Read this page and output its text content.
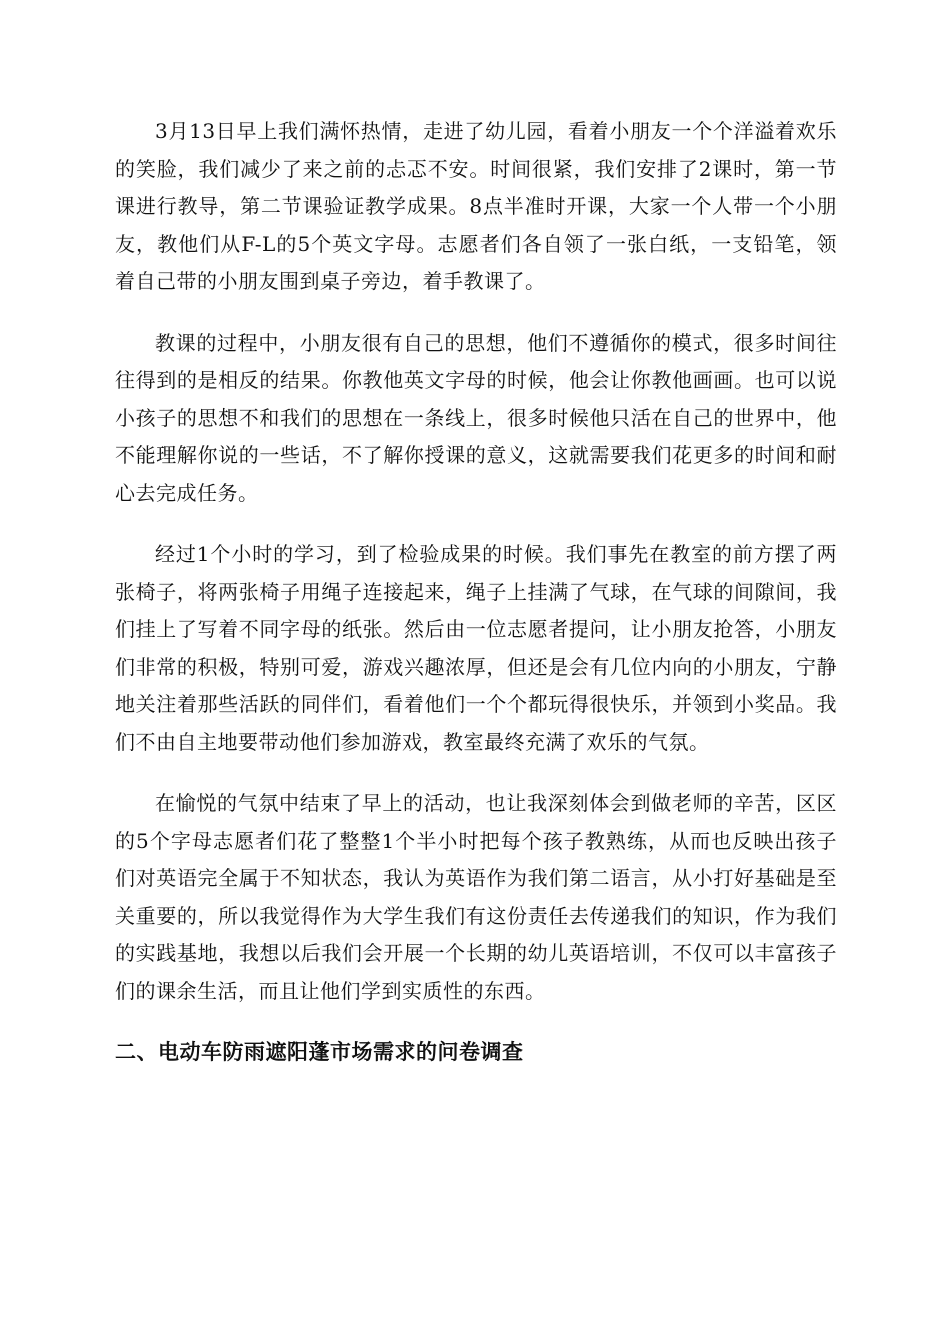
3月13日早上我们满怀热情，走进了幼儿园，看着小朋友一个个洋溢着欢乐的笑脸，我们减少了来之前的忐忑不安。时间很紧，我们安排了2课时，第一节课进行教导，第二节课验证教学成果。8点半准时开课，大家一个人带一个小朋友，教他们从F-L的5个英文字母。志愿者们各自领了一张白纸，一支铅笔，领着自己带的小朋友围到桌子旁边，着手教课了。

教课的过程中，小朋友很有自己的思想，他们不遵循你的模式，很多时间往往得到的是相反的结果。你教他英文字母的时候，他会让你教他画画。也可以说小孩子的思想不和我们的思想在一条线上，很多时候他只活在自己的世界中，他不能理解你说的一些话，不了解你授课的意义，这就需要我们花更多的时间和耐心去完成任务。

经过1个小时的学习，到了检验成果的时候。我们事先在教室的前方摆了两张椅子，将两张椅子用绳子连接起来，绳子上挂满了气球，在气球的间隙间，我们挂上了写着不同字母的纸张。然后由一位志愿者提问，让小朋友抢答，小朋友们非常的积极，特别可爱，游戏兴趣浓厚，但还是会有几位内向的小朋友，宁静地关注着那些活跃的同伴们，看着他们一个个都玩得很快乐，并领到小奖品。我们不由自主地要带动他们参加游戏，教室最终充满了欢乐的气氛。

在愉悦的气氛中结束了早上的活动，也让我深刻体会到做老师的辛苦，区区的5个字母志愿者们花了整整1个半小时把每个孩子教熟练，从而也反映出孩子们对英语完全属于不知状态，我认为英语作为我们第二语言，从小打好基础是至关重要的，所以我觉得作为大学生我们有这份责任去传递我们的知识，作为我们的实践基地，我想以后我们会开展一个长期的幼儿英语培训，不仅可以丰富孩子们的课余生活，而且让他们学到实质性的东西。

二、电动车防雨遮阳蓬市场需求的问卷调查
